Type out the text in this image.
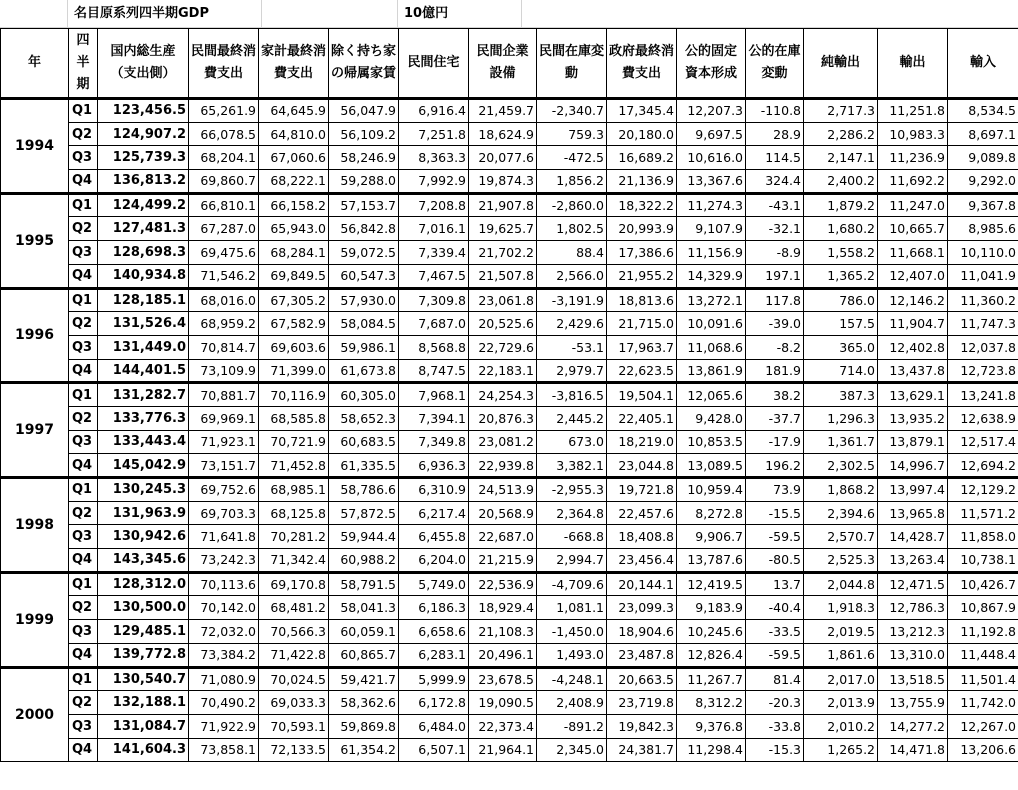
名目原系列四半期GDP	10億円
年	四半期	国内総生産（支出側）	民間最終消費支出	家計最終消費支出	除く持ち家の帰属家賃	民間住宅	民間企業設備	民間在庫変動	政府最終消費支出	公的固定資本形成	公的在庫変動	純輸出	輸出	輸入
1994	Q1	123,456.5	65,261.9	64,645.9	56,047.9	6,916.4	21,459.7	-2,340.7	17,345.4	12,207.3	-110.8	2,717.3	11,251.8	8,534.5
	Q2	124,907.2	66,078.5	64,810.0	56,109.2	7,251.8	18,624.9	759.3	20,180.0	9,697.5	28.9	2,286.2	10,983.3	8,697.1
	Q3	125,739.3	68,204.1	67,060.6	58,246.9	8,363.3	20,077.6	-472.5	16,689.2	10,616.0	114.5	2,147.1	11,236.9	9,089.8
	Q4	136,813.2	69,860.7	68,222.1	59,288.0	7,992.9	19,874.3	1,856.2	21,136.9	13,367.6	324.4	2,400.2	11,692.2	9,292.0
1995	Q1	124,499.2	66,810.1	66,158.2	57,153.7	7,208.8	21,907.8	-2,860.0	18,322.2	11,274.3	-43.1	1,879.2	11,247.0	9,367.8
	Q2	127,481.3	67,287.0	65,943.0	56,842.8	7,016.1	19,625.7	1,802.5	20,993.9	9,107.9	-32.1	1,680.2	10,665.7	8,985.6
	Q3	128,698.3	69,475.6	68,284.1	59,072.5	7,339.4	21,702.2	88.4	17,386.6	11,156.9	-8.9	1,558.2	11,668.1	10,110.0
	Q4	140,934.8	71,546.2	69,849.5	60,547.3	7,467.5	21,507.8	2,566.0	21,955.2	14,329.9	197.1	1,365.2	12,407.0	11,041.9
1996	Q1	128,185.1	68,016.0	67,305.2	57,930.0	7,309.8	23,061.8	-3,191.9	18,813.6	13,272.1	117.8	786.0	12,146.2	11,360.2
	Q2	131,526.4	68,959.2	67,582.9	58,084.5	7,687.0	20,525.6	2,429.6	21,715.0	10,091.6	-39.0	157.5	11,904.7	11,747.3
	Q3	131,449.0	70,814.7	69,603.6	59,986.1	8,568.8	22,729.6	-53.1	17,963.7	11,068.6	-8.2	365.0	12,402.8	12,037.8
	Q4	144,401.5	73,109.9	71,399.0	61,673.8	8,747.5	22,183.1	2,979.7	22,623.5	13,861.9	181.9	714.0	13,437.8	12,723.8
1997	Q1	131,282.7	70,881.7	70,116.9	60,305.0	7,968.1	24,254.3	-3,816.5	19,504.1	12,065.6	38.2	387.3	13,629.1	13,241.8
	Q2	133,776.3	69,969.1	68,585.8	58,652.3	7,394.1	20,876.3	2,445.2	22,405.1	9,428.0	-37.7	1,296.3	13,935.2	12,638.9
	Q3	133,443.4	71,923.1	70,721.9	60,683.5	7,349.8	23,081.2	673.0	18,219.0	10,853.5	-17.9	1,361.7	13,879.1	12,517.4
	Q4	145,042.9	73,151.7	71,452.8	61,335.5	6,936.3	22,939.8	3,382.1	23,044.8	13,089.5	196.2	2,302.5	14,996.7	12,694.2
1998	Q1	130,245.3	69,752.6	68,985.1	58,786.6	6,310.9	24,513.9	-2,955.3	19,721.8	10,959.4	73.9	1,868.2	13,997.4	12,129.2
	Q2	131,963.9	69,703.3	68,125.8	57,872.5	6,217.4	20,568.9	2,364.8	22,457.6	8,272.8	-15.5	2,394.6	13,965.8	11,571.2
	Q3	130,942.6	71,641.8	70,281.2	59,944.4	6,455.8	22,687.0	-668.8	18,408.8	9,906.7	-59.5	2,570.7	14,428.7	11,858.0
	Q4	143,345.6	73,242.3	71,342.4	60,988.2	6,204.0	21,215.9	2,994.7	23,456.4	13,787.6	-80.5	2,525.3	13,263.4	10,738.1
1999	Q1	128,312.0	70,113.6	69,170.8	58,791.5	5,749.0	22,536.9	-4,709.6	20,144.1	12,419.5	13.7	2,044.8	12,471.5	10,426.7
	Q2	130,500.0	70,142.0	68,481.2	58,041.3	6,186.3	18,929.4	1,081.1	23,099.3	9,183.9	-40.4	1,918.3	12,786.3	10,867.9
	Q3	129,485.1	72,032.0	70,566.3	60,059.1	6,658.6	21,108.3	-1,450.0	18,904.6	10,245.6	-33.5	2,019.5	13,212.3	11,192.8
	Q4	139,772.8	73,384.2	71,422.8	60,865.7	6,283.1	20,496.1	1,493.0	23,487.8	12,826.4	-59.5	1,861.6	13,310.0	11,448.4
2000	Q1	130,540.7	71,080.9	70,024.5	59,421.7	5,999.9	23,678.5	-4,248.1	20,663.5	11,267.7	81.4	2,017.0	13,518.5	11,501.4
	Q2	132,188.1	70,490.2	69,033.3	58,362.6	6,172.8	19,090.5	2,408.9	23,719.8	8,312.2	-20.3	2,013.9	13,755.9	11,742.0
	Q3	131,084.7	71,922.9	70,593.1	59,869.8	6,484.0	22,373.4	-891.2	19,842.3	9,376.8	-33.8	2,010.2	14,277.2	12,267.0
	Q4	141,604.3	73,858.1	72,133.5	61,354.2	6,507.1	21,964.1	2,345.0	24,381.7	11,298.4	-15.3	1,265.2	14,471.8	13,206.6
